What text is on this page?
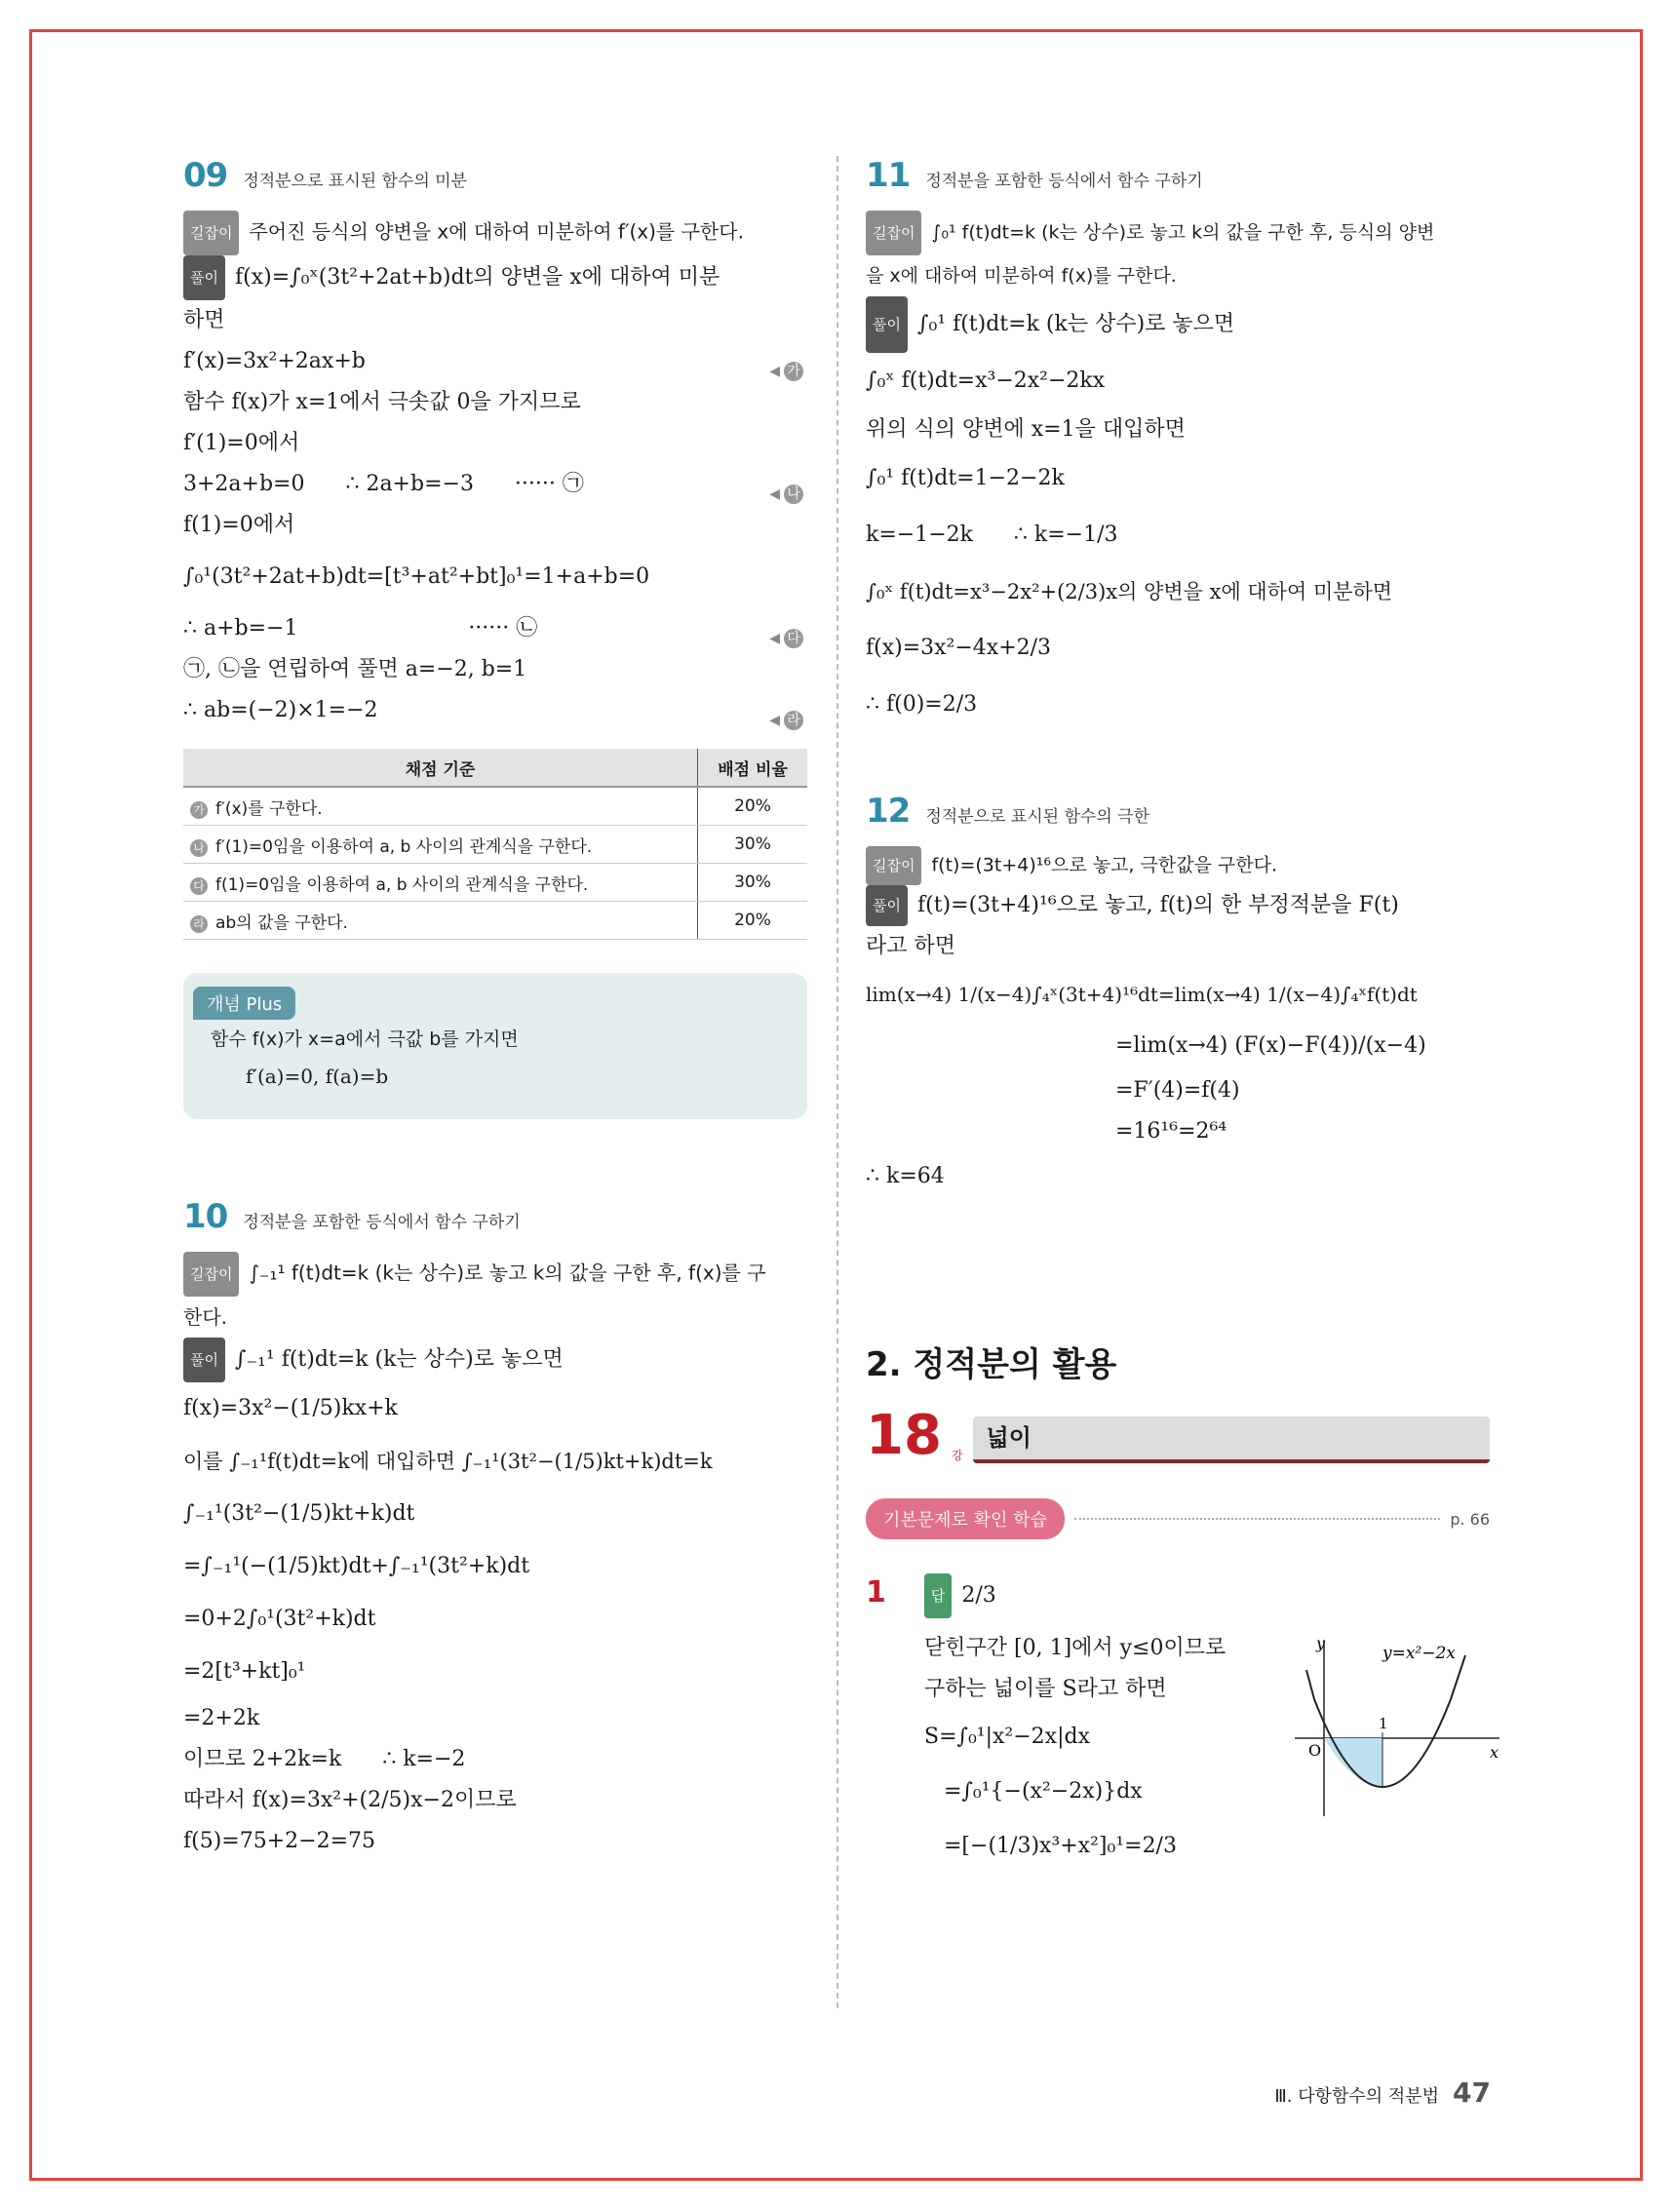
09 정적분으로 표시된 함수의 미분
길잡이 주어진 등식의 양변을 x에 대하여 미분하여 f′(x)를 구한다.
풀이 f(x)=∫₀ˣ(3t²+2at+b)dt의 양변을 x에 대하여 미분
하면
f′(x)=3x²+2ax+b	◀ 가
함수 f(x)가 x=1에서 극솟값 0을 가지므로
f′(1)=0에서
3+2a+b=0      ∴ 2a+b=−3      ······ ㉠	◀ 나
f(1)=0에서
∫₀¹(3t²+2at+b)dt=[t³+at²+bt]₀¹=1+a+b=0
∴ a+b=−1                         ······ ㉡	◀ 다
㉠, ㉡을 연립하여 풀면 a=−2, b=1
∴ ab=(−2)×1=−2	◀ 라
채점 기준	배점 비율
가 f′(x)를 구한다.	20%
나 f′(1)=0임을 이용하여 a, b 사이의 관계식을 구한다.	30%
다 f(1)=0임을 이용하여 a, b 사이의 관계식을 구한다.	30%
라 ab의 값을 구한다.	20%
개념 Plus
함수 f(x)가 x=a에서 극값 b를 가지면
f′(a)=0, f(a)=b
10 정적분을 포함한 등식에서 함수 구하기
길잡이 ∫₋₁¹ f(t)dt=k (k는 상수)로 놓고 k의 값을 구한 후, f(x)를 구
한다.
풀이 ∫₋₁¹ f(t)dt=k (k는 상수)로 놓으면
f(x)=3x²−(1/5)kx+k
이를 ∫₋₁¹f(t)dt=k에 대입하면 ∫₋₁¹(3t²−(1/5)kt+k)dt=k
∫₋₁¹(3t²−(1/5)kt+k)dt
=∫₋₁¹(−(1/5)kt)dt+∫₋₁¹(3t²+k)dt
=0+2∫₀¹(3t²+k)dt
=2[t³+kt]₀¹
=2+2k
이므로 2+2k=k      ∴ k=−2
따라서 f(x)=3x²+(2/5)x−2이므로
f(5)=75+2−2=75
11 정적분을 포함한 등식에서 함수 구하기
길잡이 ∫₀¹ f(t)dt=k (k는 상수)로 놓고 k의 값을 구한 후, 등식의 양변
을 x에 대하여 미분하여 f(x)를 구한다.
풀이 ∫₀¹ f(t)dt=k (k는 상수)로 놓으면
∫₀ˣ f(t)dt=x³−2x²−2kx
위의 식의 양변에 x=1을 대입하면
∫₀¹ f(t)dt=1−2−2k
k=−1−2k      ∴ k=−1/3
∫₀ˣ f(t)dt=x³−2x²+(2/3)x의 양변을 x에 대하여 미분하면
f(x)=3x²−4x+2/3
∴ f(0)=2/3
12 정적분으로 표시된 함수의 극한
길잡이 f(t)=(3t+4)¹⁶으로 놓고, 극한값을 구한다.
풀이 f(t)=(3t+4)¹⁶으로 놓고, f(t)의 한 부정적분을 F(t)
라고 하면
lim(x→4) 1/(x−4)∫₄ˣ(3t+4)¹⁶dt=lim(x→4) 1/(x−4)∫₄ˣf(t)dt
=lim(x→4) (F(x)−F(4))/(x−4)
=F′(4)=f(4)
=16¹⁶=2⁶⁴
∴ k=64
2. 정적분의 활용
18 강
넓이
기본문제로 확인 학습	p. 66
1	답 2/3
닫힌구간 [0, 1]에서 y≤0이므로
구하는 넓이를 S라고 하면
S=∫₀¹|x²−2x|dx
=∫₀¹{−(x²−2x)}dx
=[−(1/3)x³+x²]₀¹=2/3
y
x
O
1
y=x²−2x
Ⅲ. 다항함수의 적분법 47
